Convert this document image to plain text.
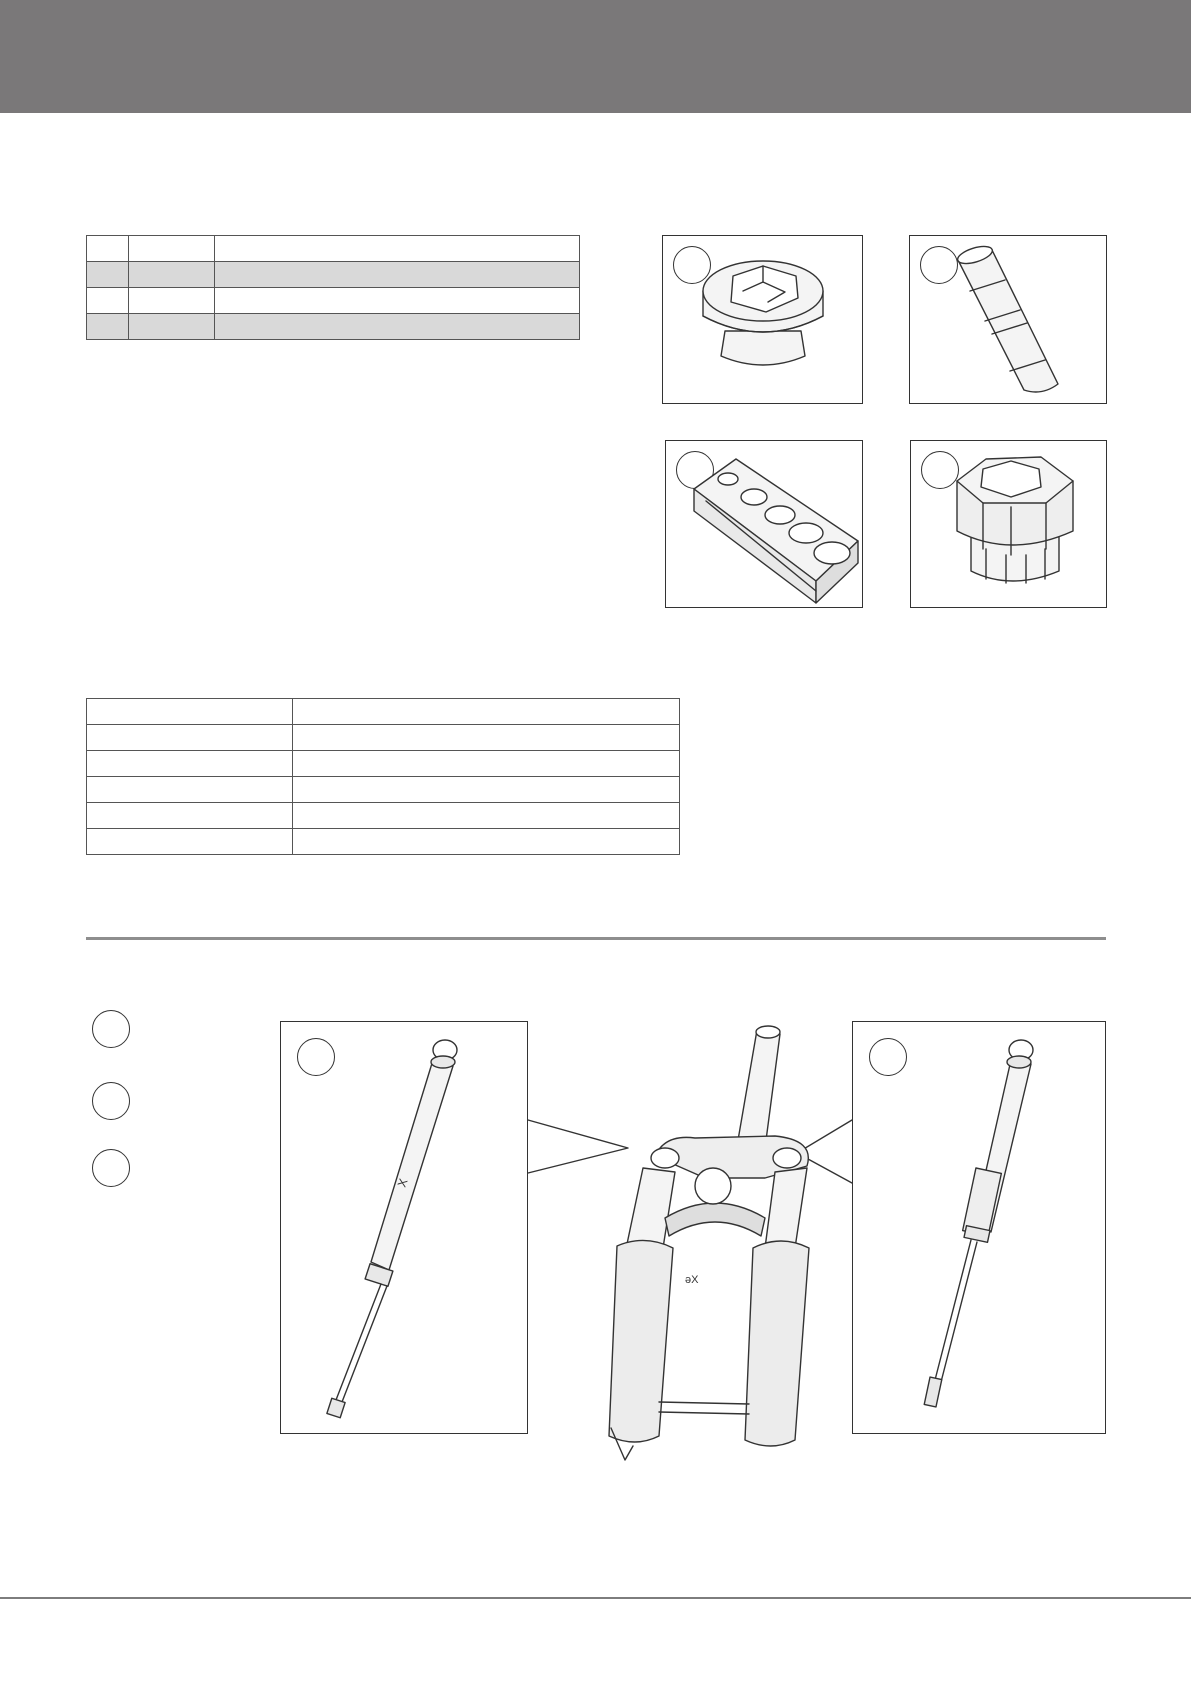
X
ǝX
